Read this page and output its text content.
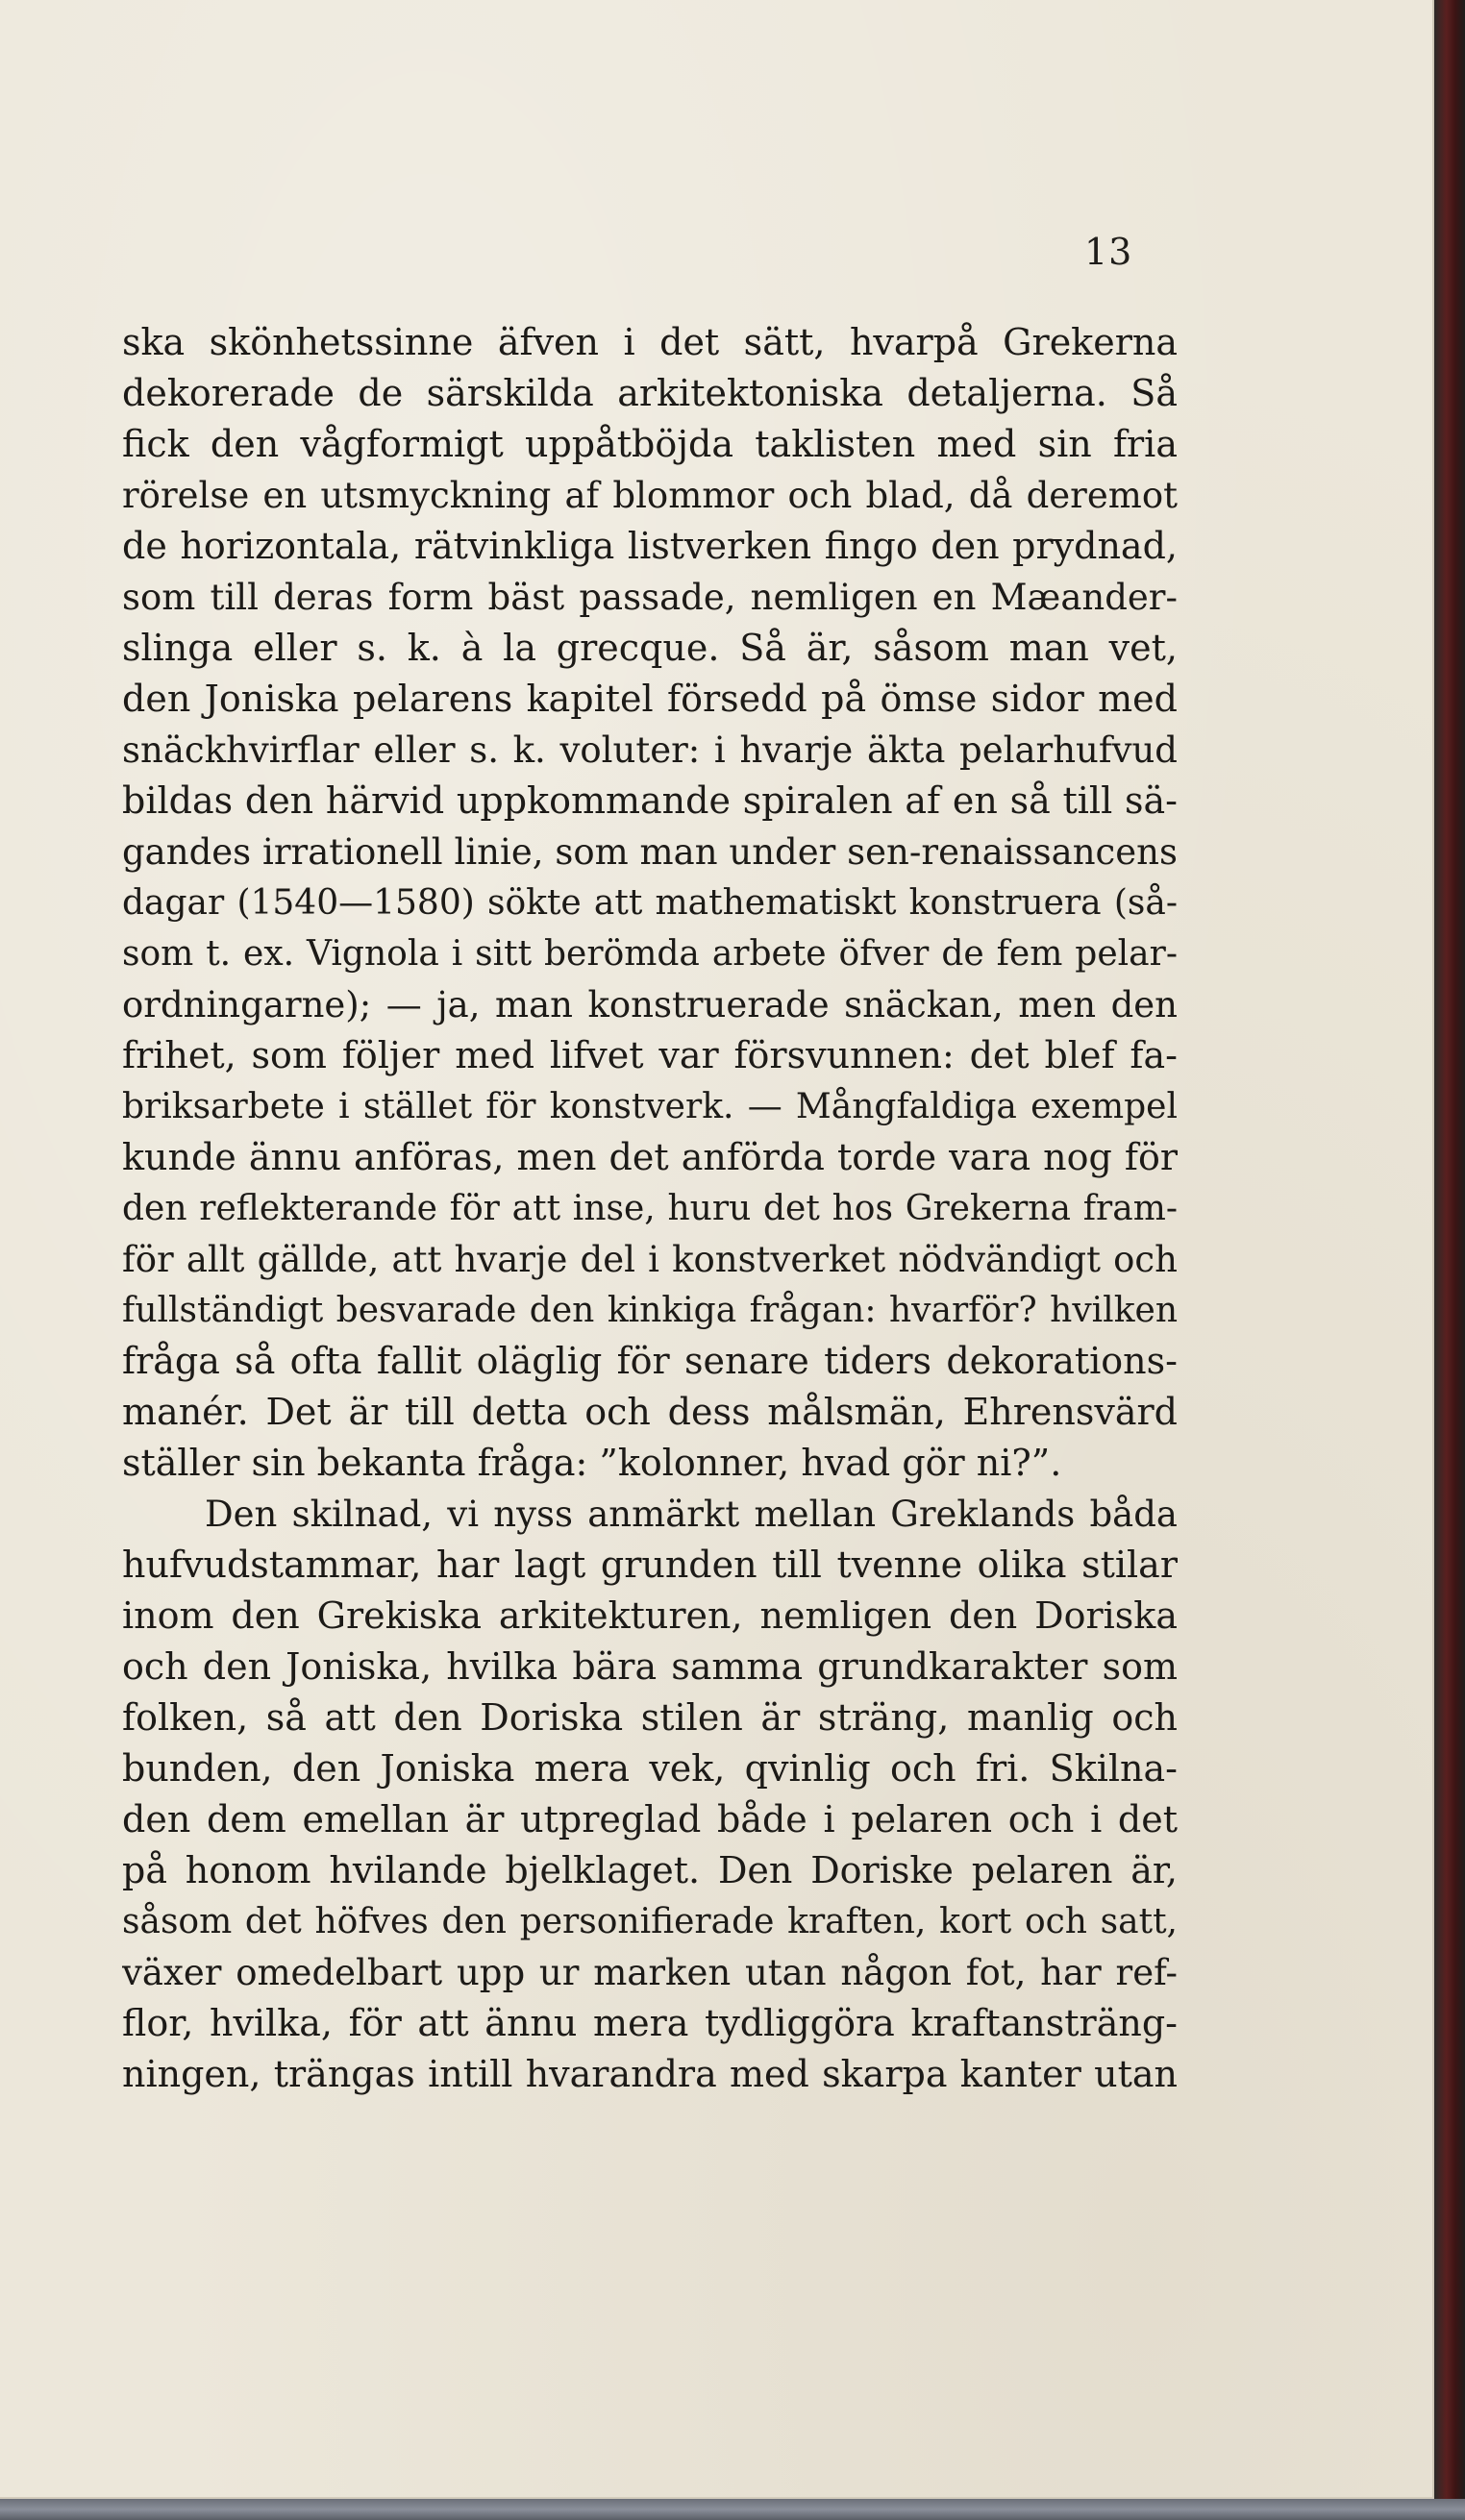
13
ska skönhetssinne äfven i det sätt, hvarpå Grekerna
dekorerade de särskilda arkitektoniska detaljerna. Så
fick den vågformigt uppåtböjda taklisten med sin fria
rörelse en utsmyckning af blommor och blad, då deremot
de horizontala, rätvinkliga listverken fingo den prydnad,
som till deras form bäst passade, nemligen en Mæander-
slinga eller s. k. à la grecque. Så är, såsom man vet,
den Joniska pelarens kapitel försedd på ömse sidor med
snäckhvirflar eller s. k. voluter: i hvarje äkta pelarhufvud
bildas den härvid uppkommande spiralen af en så till sä-
gandes irrationell linie, som man under sen-renaissancens
dagar (1540—1580) sökte att mathematiskt konstruera (så-
som t. ex. Vignola i sitt berömda arbete öfver de fem pelar-
ordningarne); — ja, man konstruerade snäckan, men den
frihet, som följer med lifvet var försvunnen: det blef fa-
briksarbete i stället för konstverk. — Mångfaldiga exempel
kunde ännu anföras, men det anförda torde vara nog för
den reflekterande för att inse, huru det hos Grekerna fram-
för allt gällde, att hvarje del i konstverket nödvändigt och
fullständigt besvarade den kinkiga frågan: hvarför? hvilken
fråga så ofta fallit oläglig för senare tiders dekorations-
manér. Det är till detta och dess målsmän, Ehrensvärd
ställer sin bekanta fråga: ”kolonner, hvad gör ni?”.
Den skilnad, vi nyss anmärkt mellan Greklands båda
hufvudstammar, har lagt grunden till tvenne olika stilar
inom den Grekiska arkitekturen, nemligen den Doriska
och den Joniska, hvilka bära samma grundkarakter som
folken, så att den Doriska stilen är sträng, manlig och
bunden, den Joniska mera vek, qvinlig och fri. Skilna-
den dem emellan är utpreglad både i pelaren och i det
på honom hvilande bjelklaget. Den Doriske pelaren är,
såsom det höfves den personifierade kraften, kort och satt,
växer omedelbart upp ur marken utan någon fot, har ref-
flor, hvilka, för att ännu mera tydliggöra kraftansträng-
ningen, trängas intill hvarandra med skarpa kanter utan
